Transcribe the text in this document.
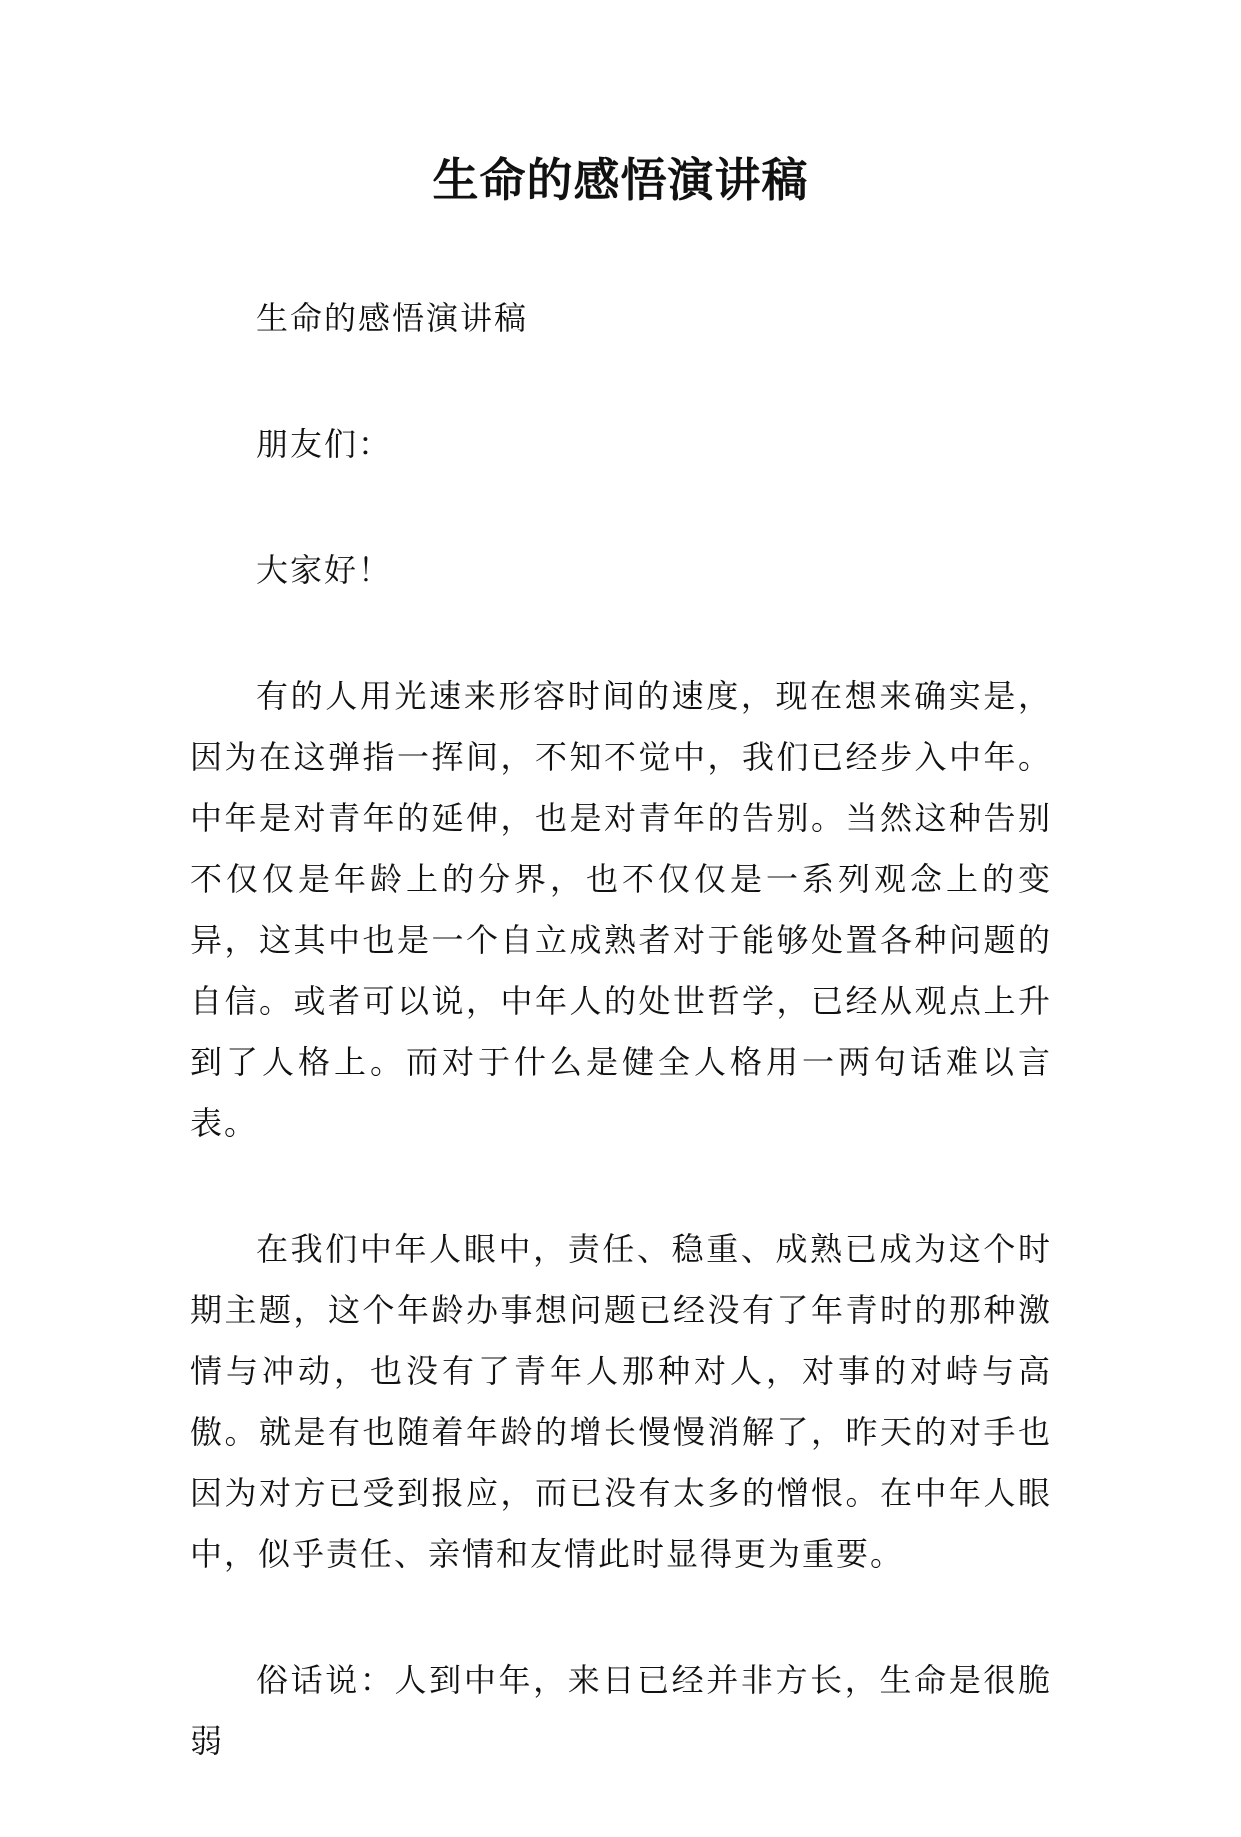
生命的感悟演讲稿

生命的感悟演讲稿

朋友们：

大家好！

有的人用光速来形容时间的速度，现在想来确实是，因为在这弹指一挥间，不知不觉中，我们已经步入中年。中年是对青年的延伸，也是对青年的告别。当然这种告别不仅仅是年龄上的分界，也不仅仅是一系列观念上的变异，这其中也是一个自立成熟者对于能够处置各种问题的自信。或者可以说，中年人的处世哲学，已经从观点上升到了人格上。而对于什么是健全人格用一两句话难以言表。

在我们中年人眼中，责任、稳重、成熟已成为这个时期主题，这个年龄办事想问题已经没有了年青时的那种激情与冲动，也没有了青年人那种对人，对事的对峙与高傲。就是有也随着年龄的增长慢慢消解了，昨天的对手也因为对方已受到报应，而已没有太多的憎恨。在中年人眼中，似乎责任、亲情和友情此时显得更为重要。

俗话说：人到中年，来日已经并非方长，生命是很脆弱
